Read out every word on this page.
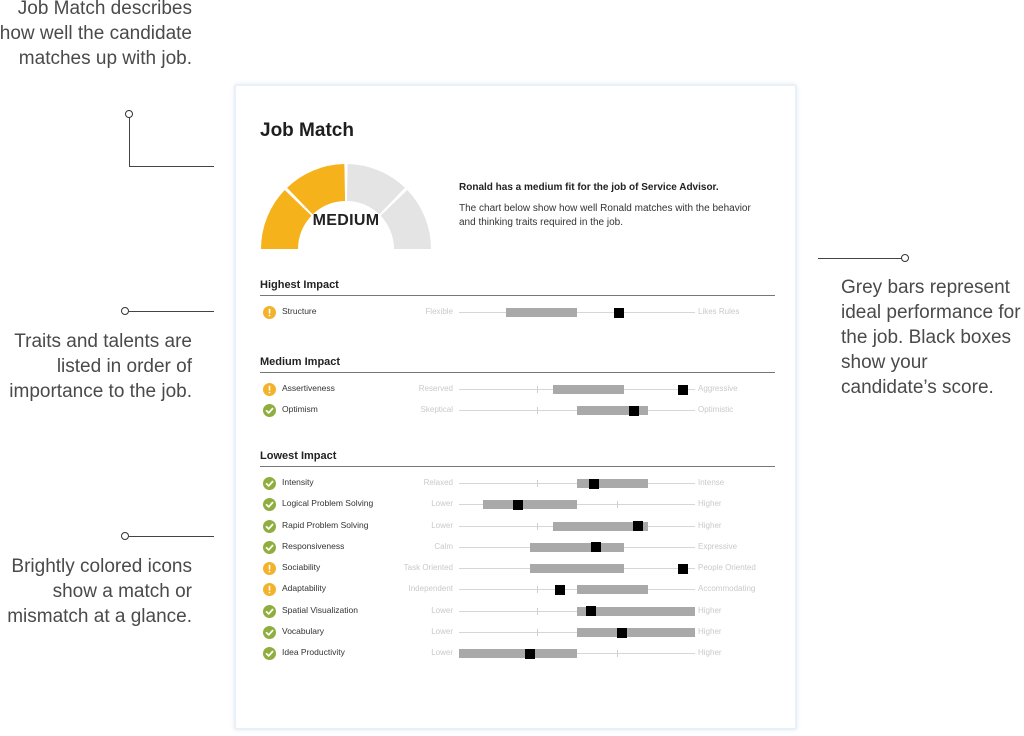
Job Match describes how well the candidate matches up with job.
Traits and talents are listed in order of importance to the job.
Brightly colored icons show a match or mismatch at a glance.
Grey bars represent ideal performance for the job. Black boxes show your candidate’s score.
Job Match
MEDIUM
Ronald has a medium fit for the job of Service Advisor.
The chart below show how well Ronald matches with the behavior and thinking traits required in the job.
Highest Impact
Structure	Flexible	Likes Rules
Medium Impact
Assertiveness	Reserved	Aggressive
Optimism	Skeptical	Optimistic
Lowest Impact
Intensity	Relaxed	Intense
Logical Problem Solving	Lower	Higher
Rapid Problem Solving	Lower	Higher
Responsiveness	Calm	Expressive
Sociability	Task Oriented	People Oriented
Adaptability	Independent	Accommodating
Spatial Visualization	Lower	Higher
Vocabulary	Lower	Higher
Idea Productivity	Lower	Higher
